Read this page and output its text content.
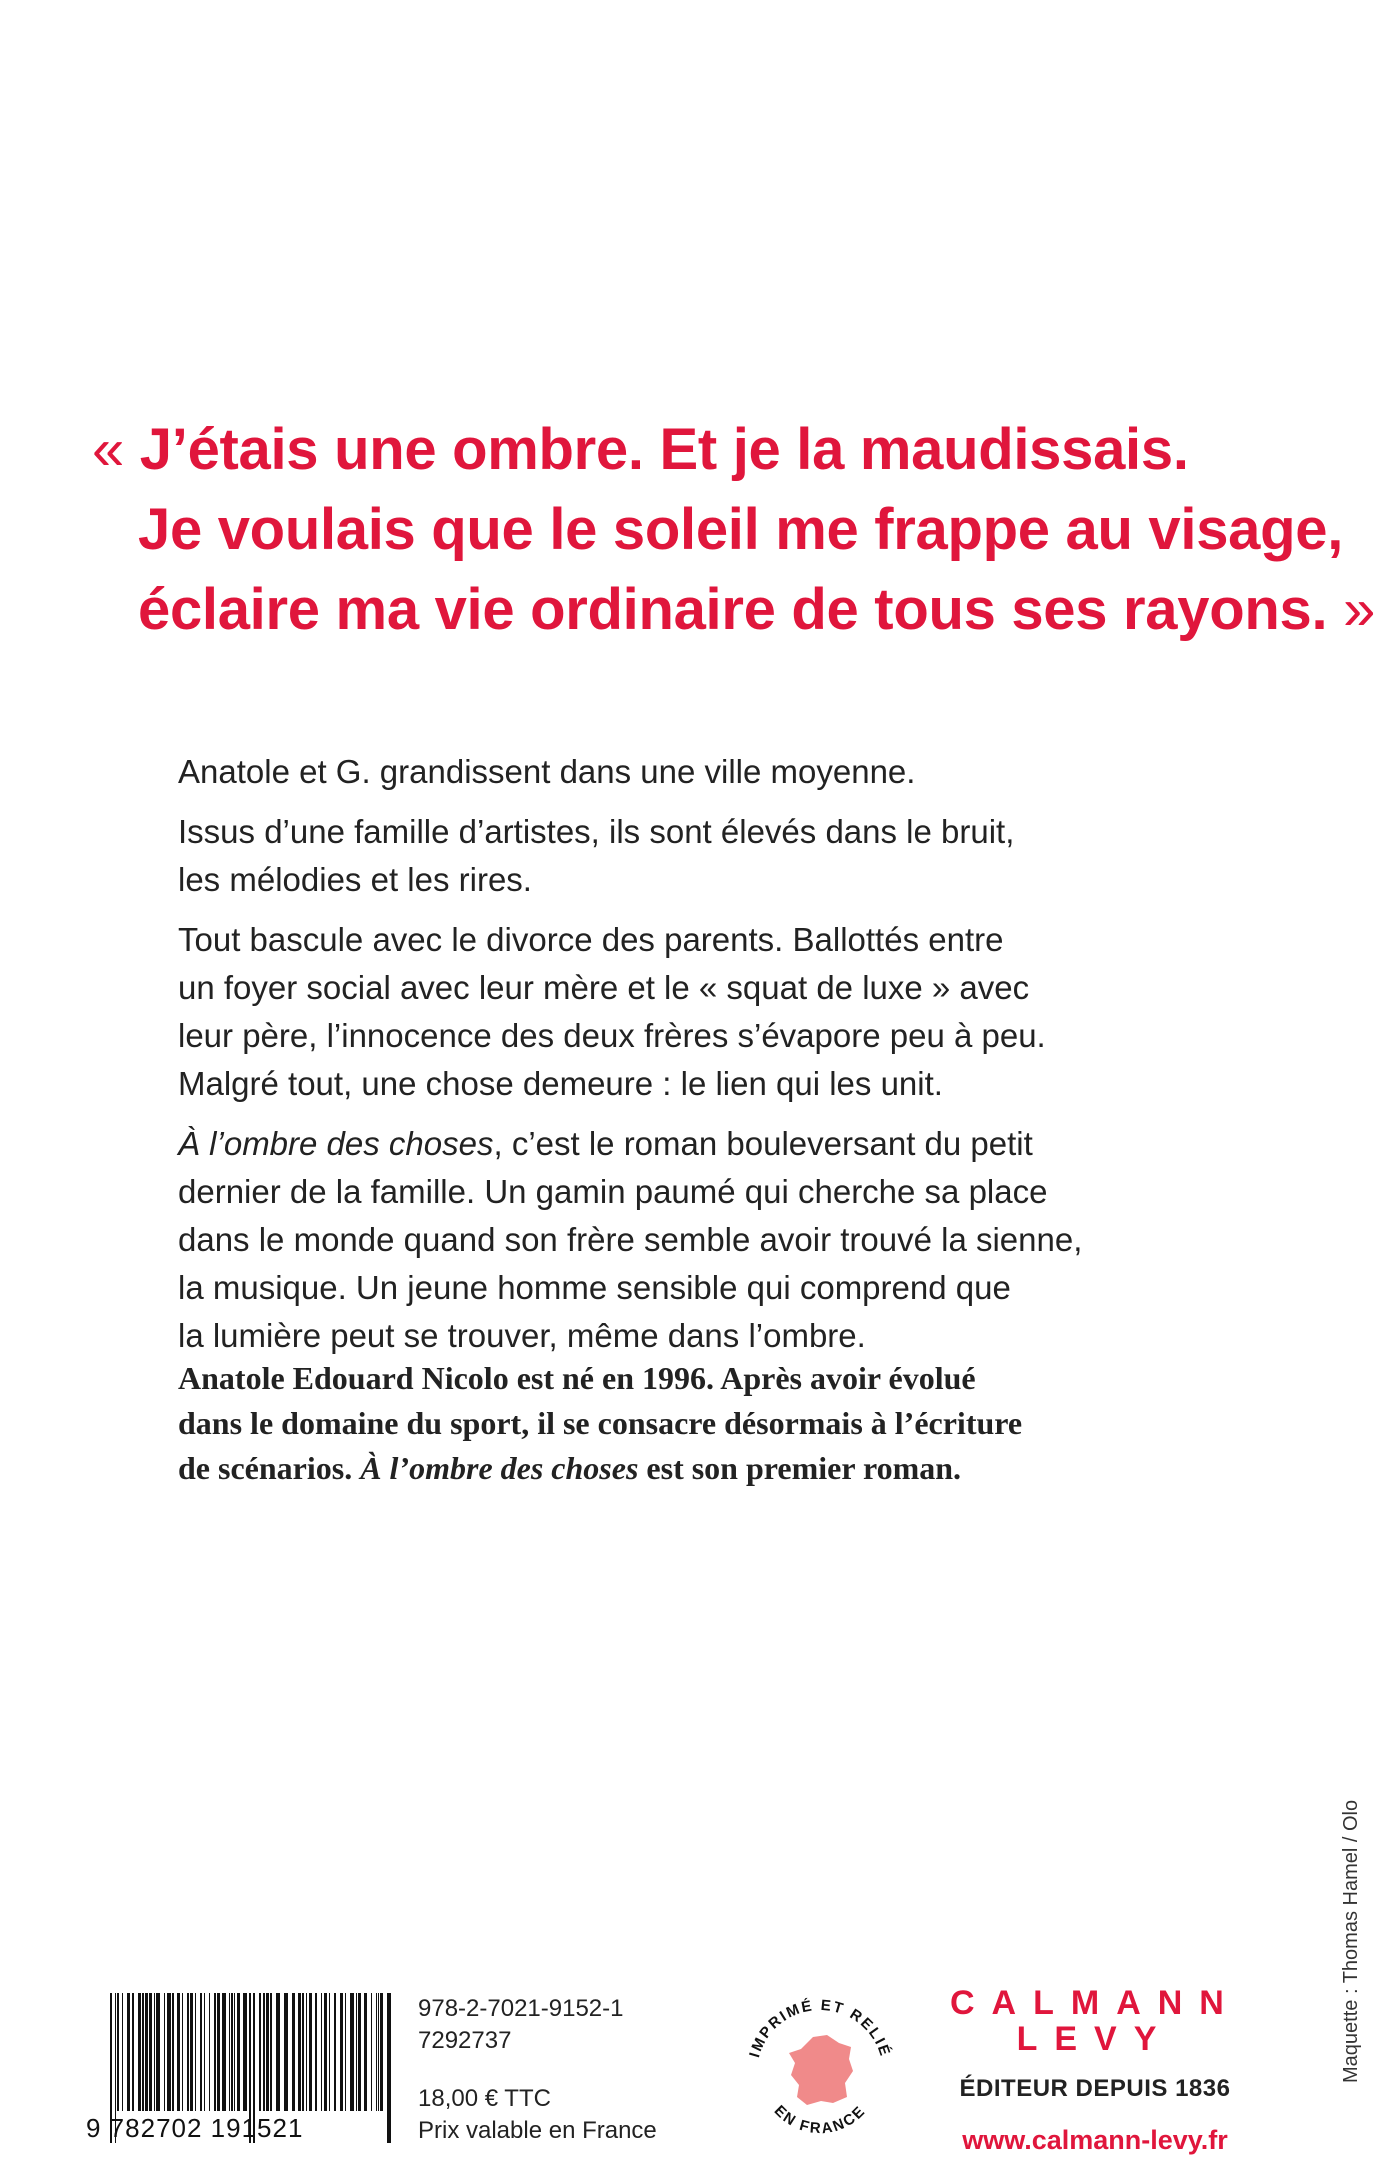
« J’étais une ombre. Et je la maudissais.
Je voulais que le soleil me frappe au visage,
éclaire ma vie ordinaire de tous ses rayons. »

Anatole et G. grandissent dans une ville moyenne.

Issus d’une famille d’artistes, ils sont élevés dans le bruit,
les mélodies et les rires.

Tout bascule avec le divorce des parents. Ballottés entre
un foyer social avec leur mère et le « squat de luxe » avec
leur père, l’innocence des deux frères s’évapore peu à peu.
Malgré tout, une chose demeure : le lien qui les unit.

À l’ombre des choses, c’est le roman bouleversant du petit
dernier de la famille. Un gamin paumé qui cherche sa place
dans le monde quand son frère semble avoir trouvé la sienne,
la musique. Un jeune homme sensible qui comprend que
la lumière peut se trouver, même dans l’ombre.

Anatole Edouard Nicolo est né en 1996. Après avoir évolué
dans le domaine du sport, il se consacre désormais à l’écriture
de scénarios. À l’ombre des choses est son premier roman.
Maquette : Thomas Hamel / Olo
9 782702 191521
978-2-7021-9152-1
7292737
18,00 € TTC
Prix valable en France
IMPRIMÉ ET RELIÉ
EN FRANCE
CALMANN
LEVY
ÉDITEUR DEPUIS 1836
www.calmann-levy.fr
